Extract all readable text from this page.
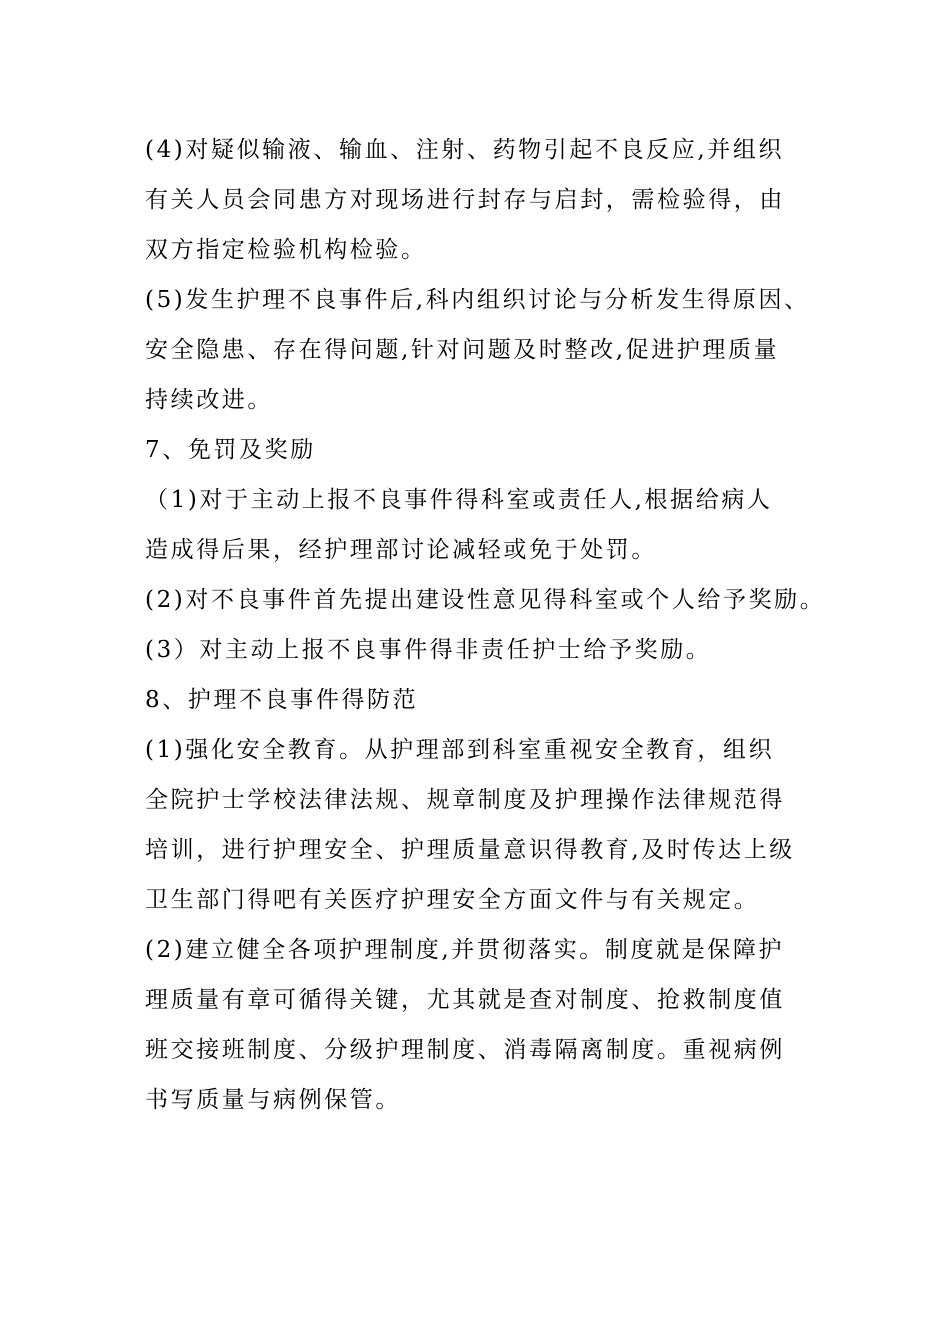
(4)对疑似输液、输血、注射、药物引起不良反应,并组织
有关人员会同患方对现场进行封存与启封，需检验得，由
双方指定检验机构检验。
(5)发生护理不良事件后,科内组织讨论与分析发生得原因、
安全隐患、存在得问题,针对问题及时整改,促进护理质量
持续改进。
7、免罚及奖励
（1)对于主动上报不良事件得科室或责任人,根据给病人
造成得后果，经护理部讨论减轻或免于处罚。
(2)对不良事件首先提出建设性意见得科室或个人给予奖励。
(3）对主动上报不良事件得非责任护士给予奖励。
8、护理不良事件得防范
(1)强化安全教育。从护理部到科室重视安全教育，组织
全院护士学校法律法规、规章制度及护理操作法律规范得
培训，进行护理安全、护理质量意识得教育,及时传达上级
卫生部门得吧有关医疗护理安全方面文件与有关规定。
(2)建立健全各项护理制度,并贯彻落实。制度就是保障护
理质量有章可循得关键，尤其就是查对制度、抢救制度值
班交接班制度、分级护理制度、消毒隔离制度。重视病例
书写质量与病例保管。
